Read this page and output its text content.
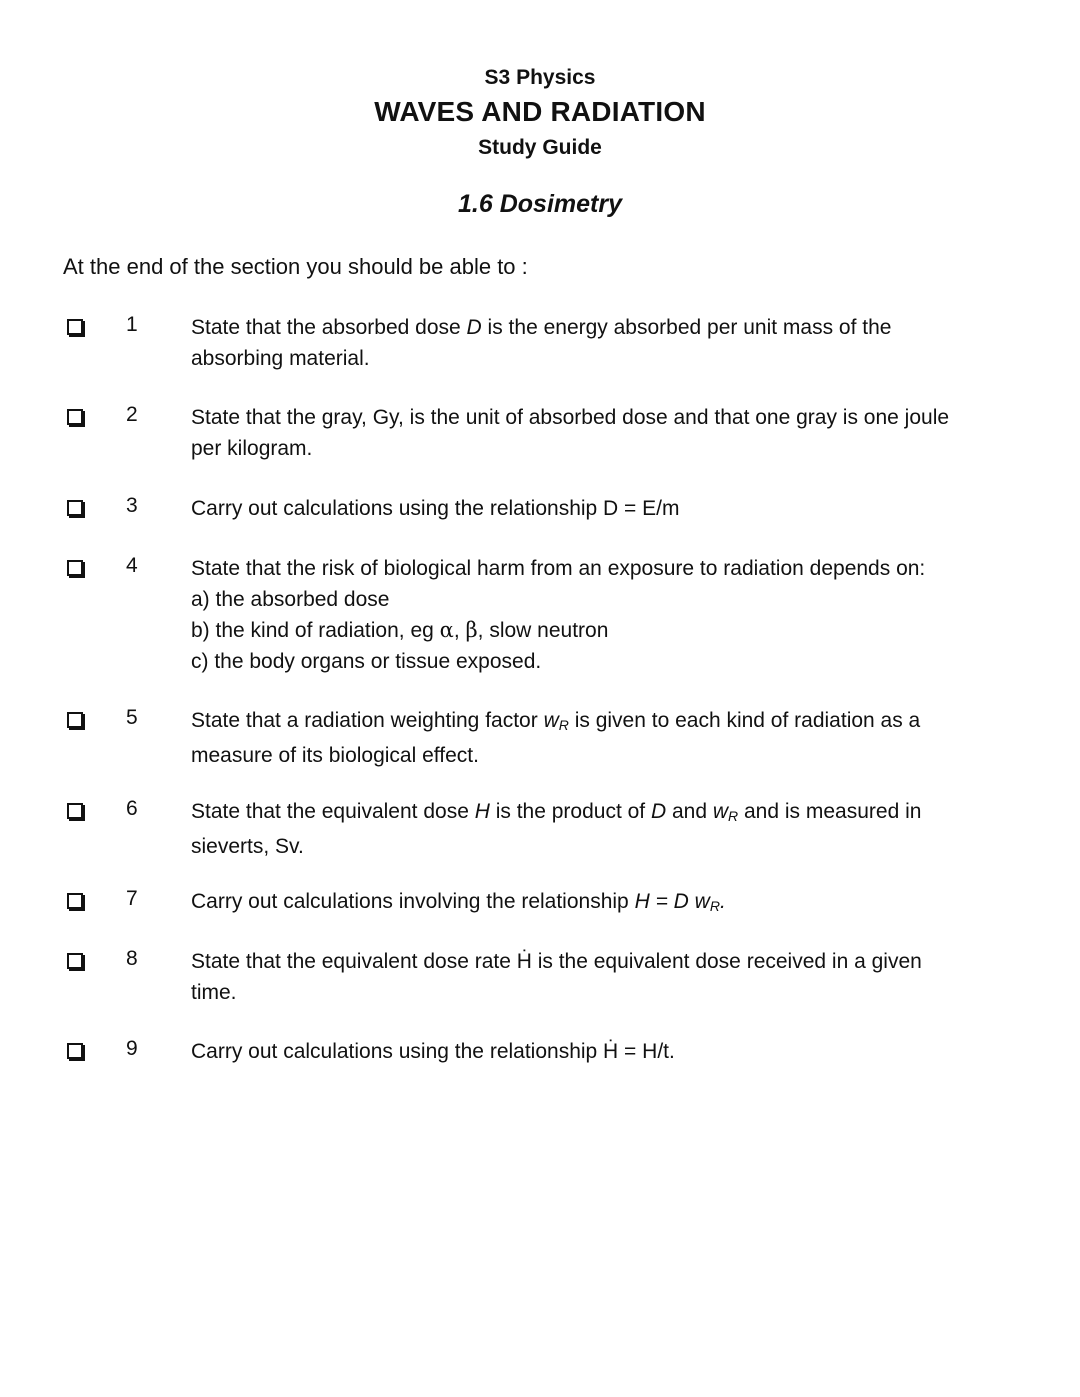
S3 Physics
WAVES AND RADIATION
Study Guide
1.6 Dosimetry
At the end of the section you should be able to :
1	State that the absorbed dose D is the energy absorbed per unit mass of the

absorbing material.

2	State that the gray, Gy, is the unit of absorbed dose and that one gray is one joule

per kilogram.

3	Carry out calculations using the relationship D = E/m

4	State that the risk of biological harm from an exposure to radiation depends on:

a) the absorbed dose

b) the kind of radiation, eg α, β, slow neutron

c) the body organs or tissue exposed.

5	State that a radiation weighting factor $w_R$ is given to each kind of radiation as a

measure of its biological effect.

6	State that the equivalent dose H is the product of D and $w_R$ and is measured in

sieverts, Sv.

7	Carry out calculations involving the relationship H = D $w_R$.

8	State that the equivalent dose rate Ḣ is the equivalent dose received in a given

time.

9	Carry out calculations using the relationship Ḣ = H/t.
